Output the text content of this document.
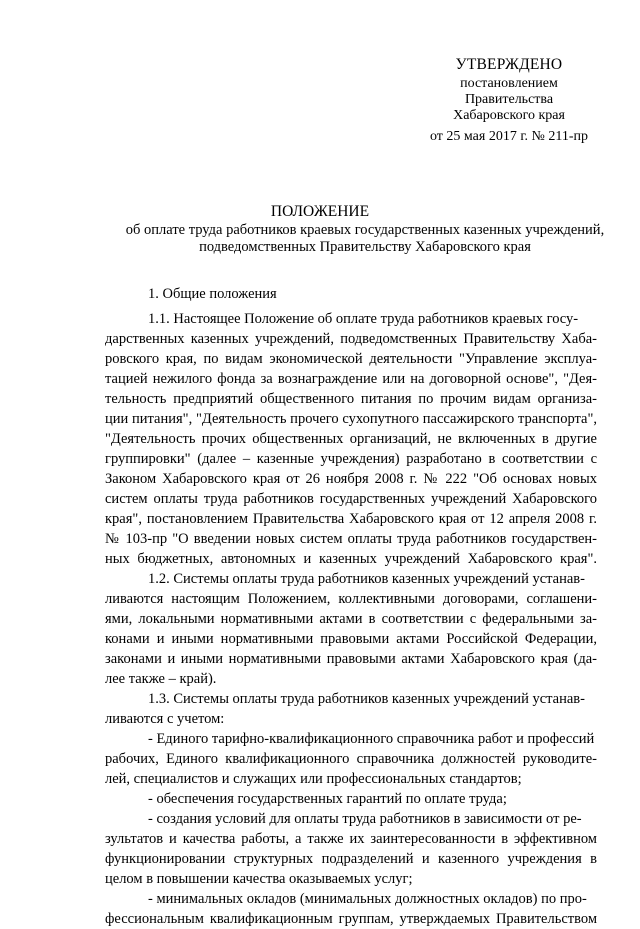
УТВЕРЖДЕНО
постановлением
Правительства
Хабаровского края
от 25 мая 2017 г. № 211-пр
ПОЛОЖЕНИЕ
об оплате труда работников краевых государственных казенных учреждений,
подведомственных Правительству Хабаровского края

1. Общие положения

1.1. Настоящее Положение об оплате труда работников краевых госу-

дарственных казенных учреждений, подведомственных Правительству Хаба-

ровского края, по видам экономической деятельности "Управление эксплуа-

тацией нежилого фонда за вознаграждение или на договорной основе", "Дея-

тельность предприятий общественного питания по прочим видам организа-

ции питания", "Деятельность прочего сухопутного пассажирского транспорта",

"Деятельность прочих общественных организаций, не включенных в другие

группировки" (далее – казенные учреждения) разработано в соответствии с

Законом Хабаровского края от 26 ноября 2008 г. № 222 "Об основах новых

систем оплаты труда работников государственных учреждений Хабаровского

края", постановлением Правительства Хабаровского края от 12 апреля 2008 г.

№ 103-пр "О введении новых систем оплаты труда работников государствен-

ных бюджетных, автономных и казенных учреждений Хабаровского края".

1.2. Системы оплаты труда работников казенных учреждений устанав-

ливаются настоящим Положением, коллективными договорами, соглашени-

ями, локальными нормативными актами в соответствии с федеральными за-

конами и иными нормативными правовыми актами Российской Федерации,

законами и иными нормативными правовыми актами Хабаровского края (да-

лее также – край).

1.3. Системы оплаты труда работников казенных учреждений устанав-

ливаются с учетом:

- Единого тарифно-квалификационного справочника работ и профессий

рабочих, Единого квалификационного справочника должностей руководите-

лей, специалистов и служащих или профессиональных стандартов;

- обеспечения государственных гарантий по оплате труда;

- создания условий для оплаты труда работников в зависимости от ре-

зультатов и качества работы, а также их заинтересованности в эффективном

функционировании структурных подразделений и казенного учреждения в

целом в повышении качества оказываемых услуг;

- минимальных окладов (минимальных должностных окладов) по про-

фессиональным квалификационным группам, утверждаемых Правительством
